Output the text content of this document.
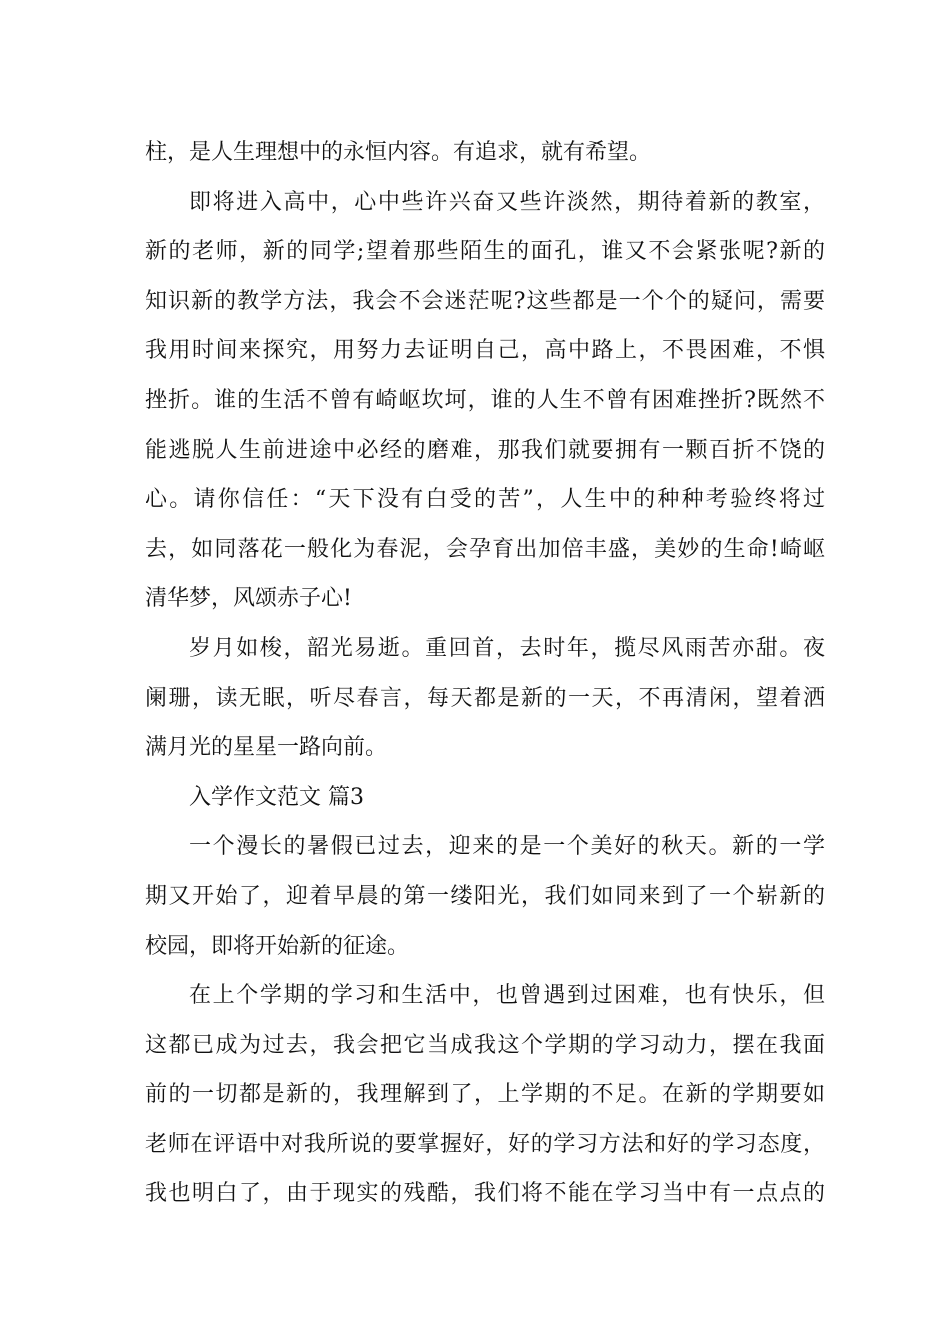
柱，是人生理想中的永恒内容。有追求，就有希望。
即将进入高中，心中些许兴奋又些许淡然，期待着新的教室，
新的老师，新的同学;望着那些陌生的面孔，谁又不会紧张呢?新的
知识新的教学方法，我会不会迷茫呢?这些都是一个个的疑问，需要
我用时间来探究，用努力去证明自己，高中路上，不畏困难，不惧
挫折。谁的生活不曾有崎岖坎坷，谁的人生不曾有困难挫折?既然不
能逃脱人生前进途中必经的磨难，那我们就要拥有一颗百折不饶的
心。请你信任：“天下没有白受的苦”，人生中的种种考验终将过
去，如同落花一般化为春泥，会孕育出加倍丰盛，美妙的生命!崎岖
清华梦，风颂赤子心!
岁月如梭，韶光易逝。重回首，去时年，揽尽风雨苦亦甜。夜
阑珊，读无眠，听尽春言，每天都是新的一天，不再清闲，望着洒
满月光的星星一路向前。
入学作文范文 篇3
一个漫长的暑假已过去，迎来的是一个美好的秋天。新的一学
期又开始了，迎着早晨的第一缕阳光，我们如同来到了一个崭新的
校园，即将开始新的征途。
在上个学期的学习和生活中，也曾遇到过困难，也有快乐，但
这都已成为过去，我会把它当成我这个学期的学习动力，摆在我面
前的一切都是新的，我理解到了，上学期的不足。在新的学期要如
老师在评语中对我所说的要掌握好，好的学习方法和好的学习态度，
我也明白了，由于现实的残酷，我们将不能在学习当中有一点点的
